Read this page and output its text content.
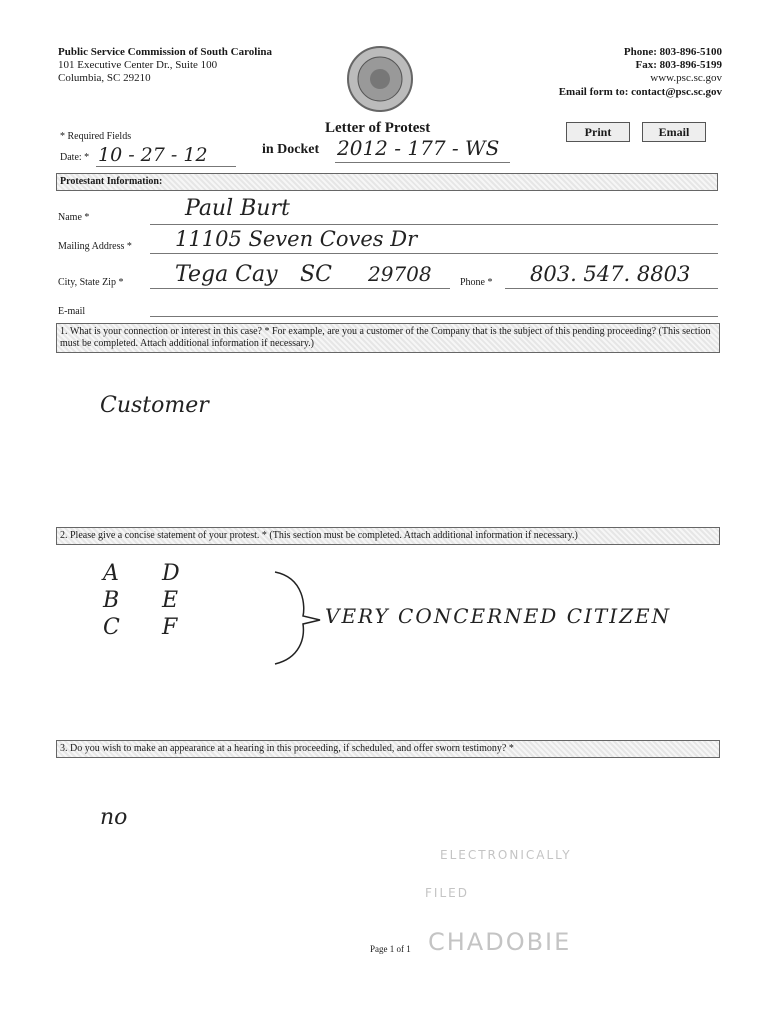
Public Service Commission of South Carolina
101 Executive Center Dr., Suite 100
Columbia, SC 29210
Phone: 803-896-5100
Fax: 803-896-5199
www.psc.sc.gov
Email form to: contact@psc.sc.gov
* Required Fields
Letter of Protest
in Docket 2012 - 177 - WS
Print	Email
Date: * 10 - 27 - 12
Protestant Information:
Name *	Paul Burt
Mailing Address * 11105 Seven Coves Dr
City, State Zip * Tega Cay SC 29708	Phone * 803. 547. 8803
E-mail
1. What is your connection or interest in this case? * For example, are you a customer of the Company that is the subject of this pending proceeding? (This section must be completed. Attach additional information if necessary.)
Customer
2. Please give a concise statement of your protest. * (This section must be completed. Attach additional information if necessary.)
A
B
C
D
E
F	VERY CONCERNED CITIZEN
3. Do you wish to make an appearance at a hearing in this proceeding, if scheduled, and offer sworn testimony? *
no
ELECTRONICALLY
FILED
CHADOBIE
Page 1 of 1
